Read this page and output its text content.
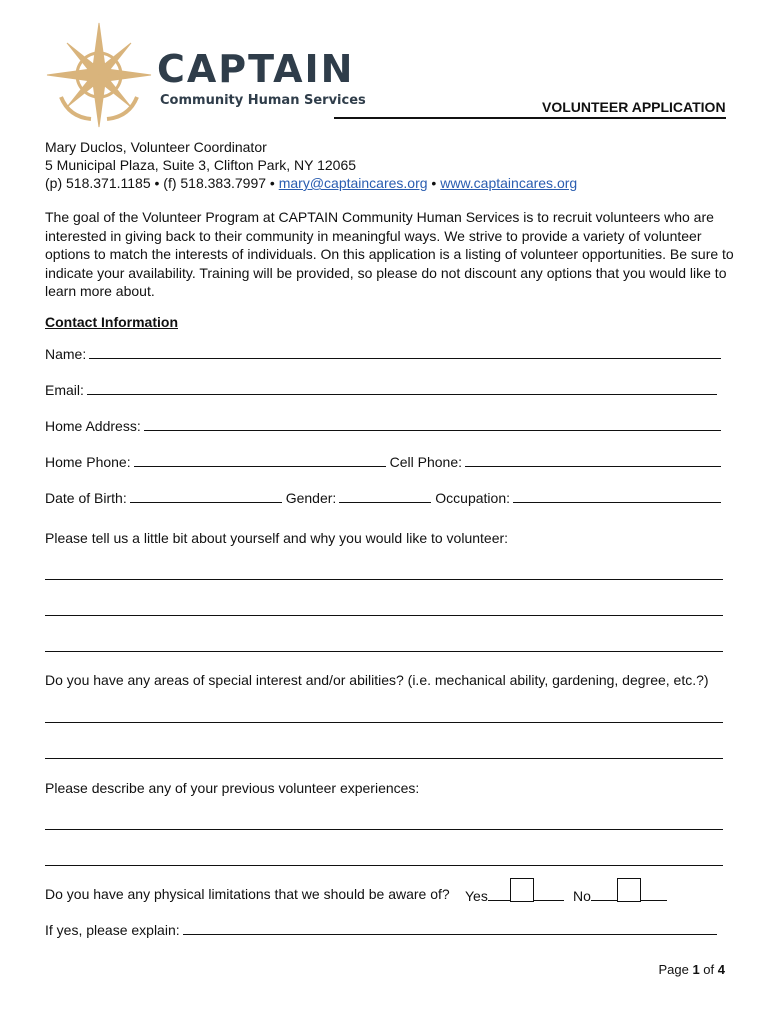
CAPTAIN
Community Human Services	VOLUNTEER APPLICATION
Mary Duclos, Volunteer Coordinator
5 Municipal Plaza, Suite 3, Clifton Park, NY 12065
(p) 518.371.1185 • (f) 518.383.7997 • mary@captaincares.org • www.captaincares.org
The goal of the Volunteer Program at CAPTAIN Community Human Services is to recruit volunteers who are interested in giving back to their community in meaningful ways. We strive to provide a variety of volunteer options to match the interests of individuals. On this application is a listing of volunteer opportunities. Be sure to indicate your availability. Training will be provided, so please do not discount any options that you would like to learn more about.
Contact Information
Name:
Email:
Home Address:
Home Phone:	Cell Phone:
Date of Birth:	Gender:	Occupation:
Please tell us a little bit about yourself and why you would like to volunteer:
Do you have any areas of special interest and/or abilities? (i.e. mechanical ability, gardening, degree, etc.?)
Please describe any of your previous volunteer experiences:
Do you have any physical limitations that we should be aware of? Yes	No
If yes, please explain:
Page 1 of 4
